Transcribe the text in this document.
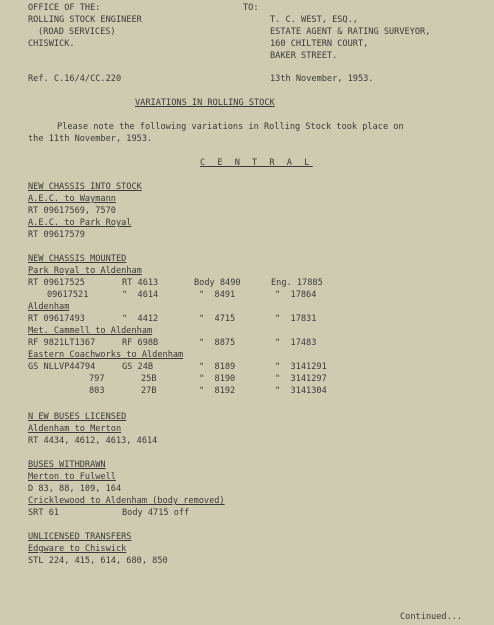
OFFICE OF THE:
ROLLING STOCK ENGINEER
(ROAD SERVICES)
CHISWICK.
TO:
T. C. WEST, ESQ.,
ESTATE AGENT & RATING SURVEYOR,
160 CHILTERN COURT,
BAKER STREET.
Ref. C.16/4/CC.220	13th November, 1953.
VARIATIONS IN ROLLING STOCK
Please note the following variations in Rolling Stock took place on
the 11th November, 1953.
C E N T R A L
NEW CHASSIS INTO STOCK
A.E.C. to Waymann
RT 09617569, 7570
A.E.C. to Park Royal
RT 09617579
NEW CHASSIS MOUNTED
Park Royal to Aldenham
RT 09617525	RT 4613	Body 8490	Eng. 17885
09617521	"  4614	"  8491	"  17864
Aldenham
RT 09617493	"  4412	"  4715	"  17831
Met. Cammell to Aldenham
RF 9821LT1367	RF 698B	"  8875	"  17483
Eastern Coachworks to Aldenham
GS NLLVP44794	GS 24B	"  8189	"  3141291
797	25B	"  8190	"  3141297
803	27B	"  8192	"  3141304
N EW BUSES LICENSED
Aldenham to Merton
RT 4434, 4612, 4613, 4614
BUSES WITHDRAWN
Merton to Fulwell
D 83, 88, 109, 164
Cricklewood to Aldenham (body removed)
SRT 61	Body 4715 off
UNLICENSED TRANSFERS
Edgware to Chiswick
STL 224, 415, 614, 680, 850
Continued...
